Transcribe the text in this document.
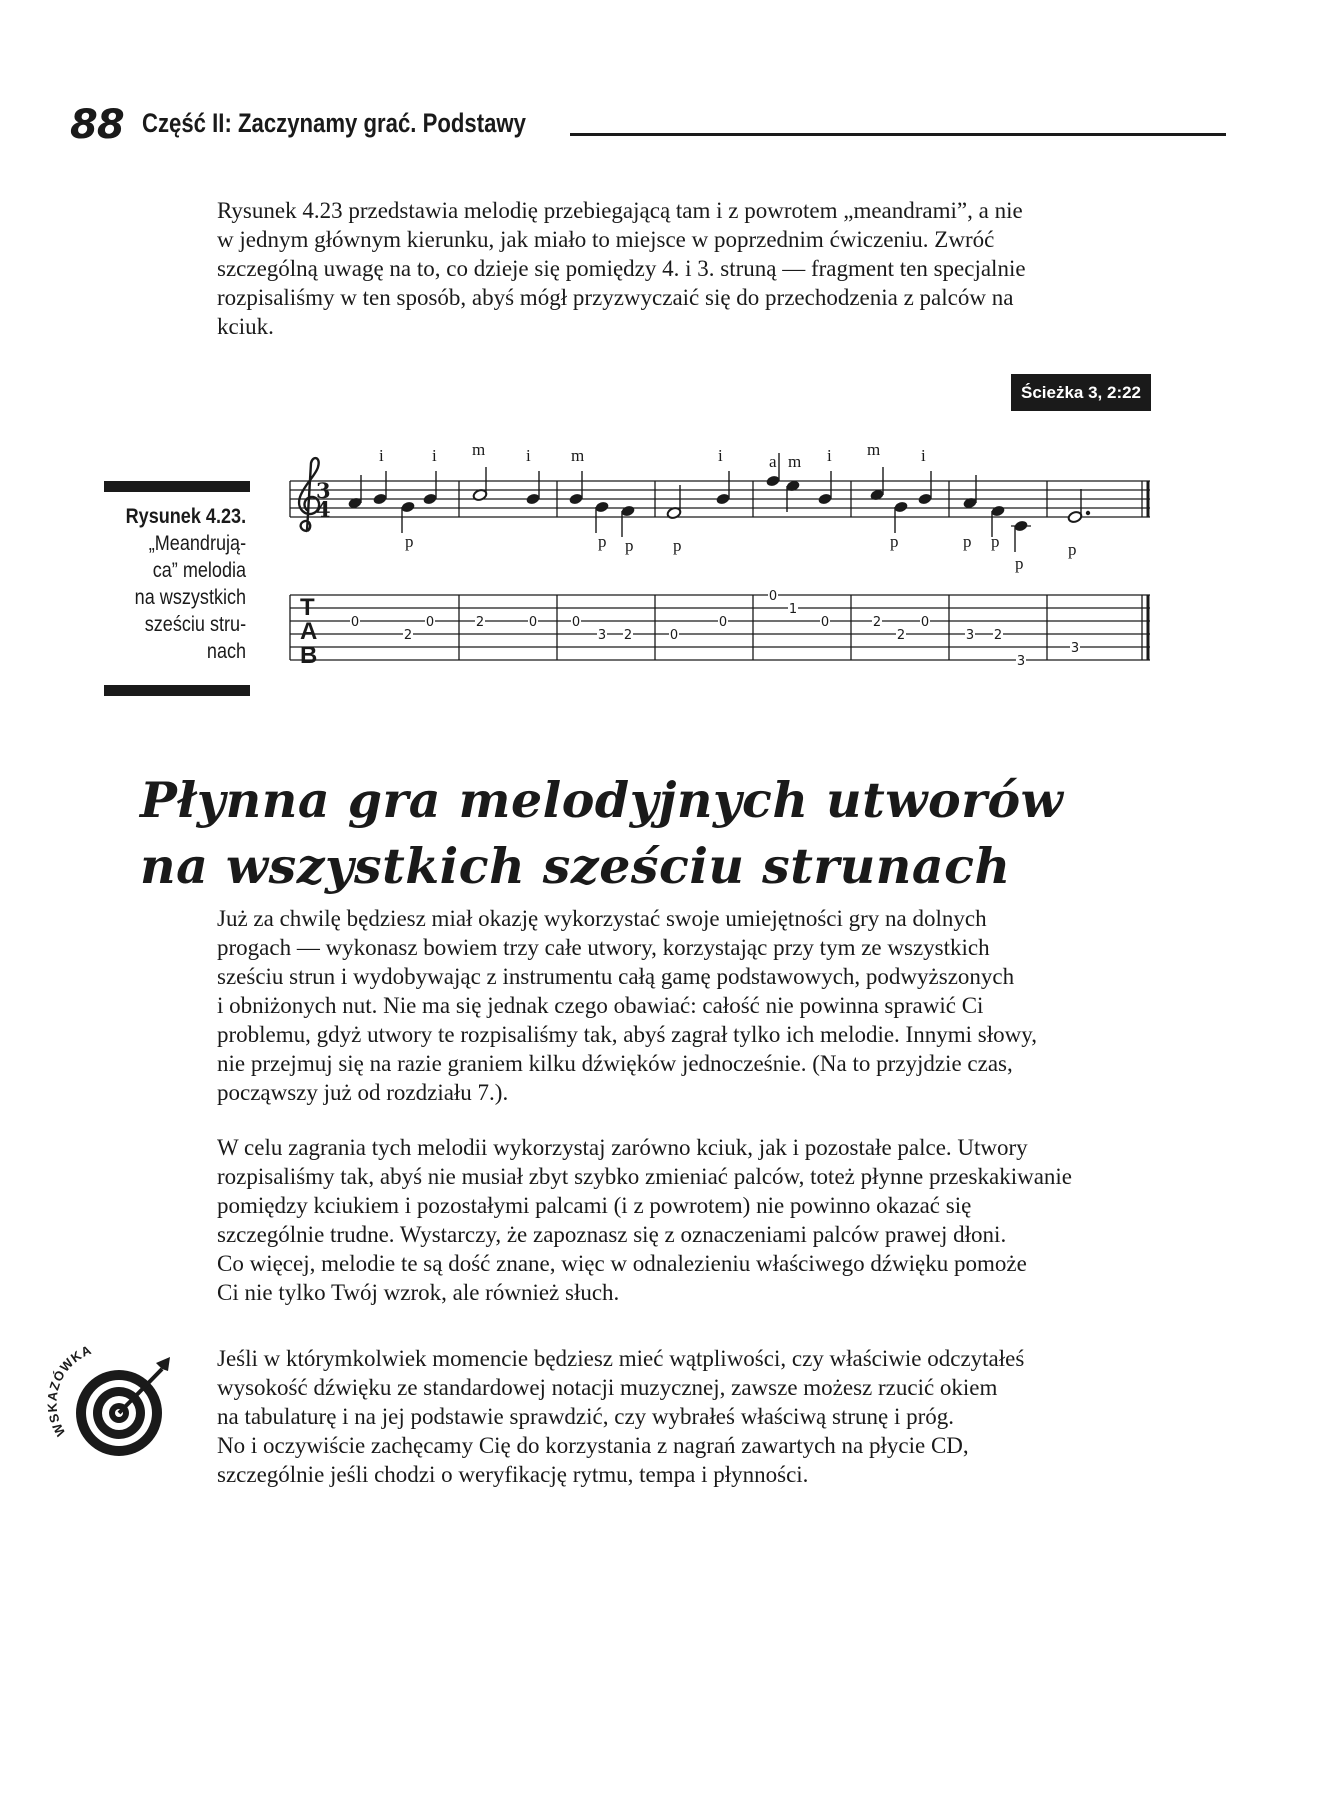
88 Część II: Zaczynamy grać. Podstawy

Rysunek 4.23 przedstawia melodię przebiegającą tam i z powrotem „meandrami”, a nie
w jednym głównym kierunku, jak miało to miejsce w poprzednim ćwiczeniu. Zwróć
szczególną uwagę na to, co dzieje się pomiędzy 4. i 3. struną — fragment ten specjalnie
rozpisaliśmy w ten sposób, abyś mógł przyzwyczaić się do przechodzenia z palców na
kciuk.

Ścieżka 3, 2:22
Rysunek 4.23.
„Meandrują-
ca” melodia
na wszystkich
sześciu stru-
nach
3
4
i	i m i m	i	a m i m i
p	p p p	p	p p
p
p
T
A
B
0
2
0	2	0	0
3 2	0
0
0
1
0	2
2
0
3 2
3
3
Płynna gra melodyjnych utworów
na wszystkich sześciu strunach

Już za chwilę będziesz miał okazję wykorzystać swoje umiejętności gry na dolnych
progach — wykonasz bowiem trzy całe utwory, korzystając przy tym ze wszystkich
sześciu strun i wydobywając z instrumentu całą gamę podstawowych, podwyższonych
i obniżonych nut. Nie ma się jednak czego obawiać: całość nie powinna sprawić Ci
problemu, gdyż utwory te rozpisaliśmy tak, abyś zagrał tylko ich melodie. Innymi słowy,
nie przejmuj się na razie graniem kilku dźwięków jednocześnie. (Na to przyjdzie czas,
począwszy już od rozdziału 7.).

W celu zagrania tych melodii wykorzystaj zarówno kciuk, jak i pozostałe palce. Utwory
rozpisaliśmy tak, abyś nie musiał zbyt szybko zmieniać palców, toteż płynne przeskakiwanie
pomiędzy kciukiem i pozostałymi palcami (i z powrotem) nie powinno okazać się
szczególnie trudne. Wystarczy, że zapoznasz się z oznaczeniami palców prawej dłoni.
Co więcej, melodie te są dość znane, więc w odnalezieniu właściwego dźwięku pomoże
Ci nie tylko Twój wzrok, ale również słuch.

WSKAZÓWKA	Jeśli w którymkolwiek momencie będziesz mieć wątpliwości, czy właściwie odczytałeś
wysokość dźwięku ze standardowej notacji muzycznej, zawsze możesz rzucić okiem
na tabulaturę i na jej podstawie sprawdzić, czy wybrałeś właściwą strunę i próg.
No i oczywiście zachęcamy Cię do korzystania z nagrań zawartych na płycie CD,
szczególnie jeśli chodzi o weryfikację rytmu, tempa i płynności.
